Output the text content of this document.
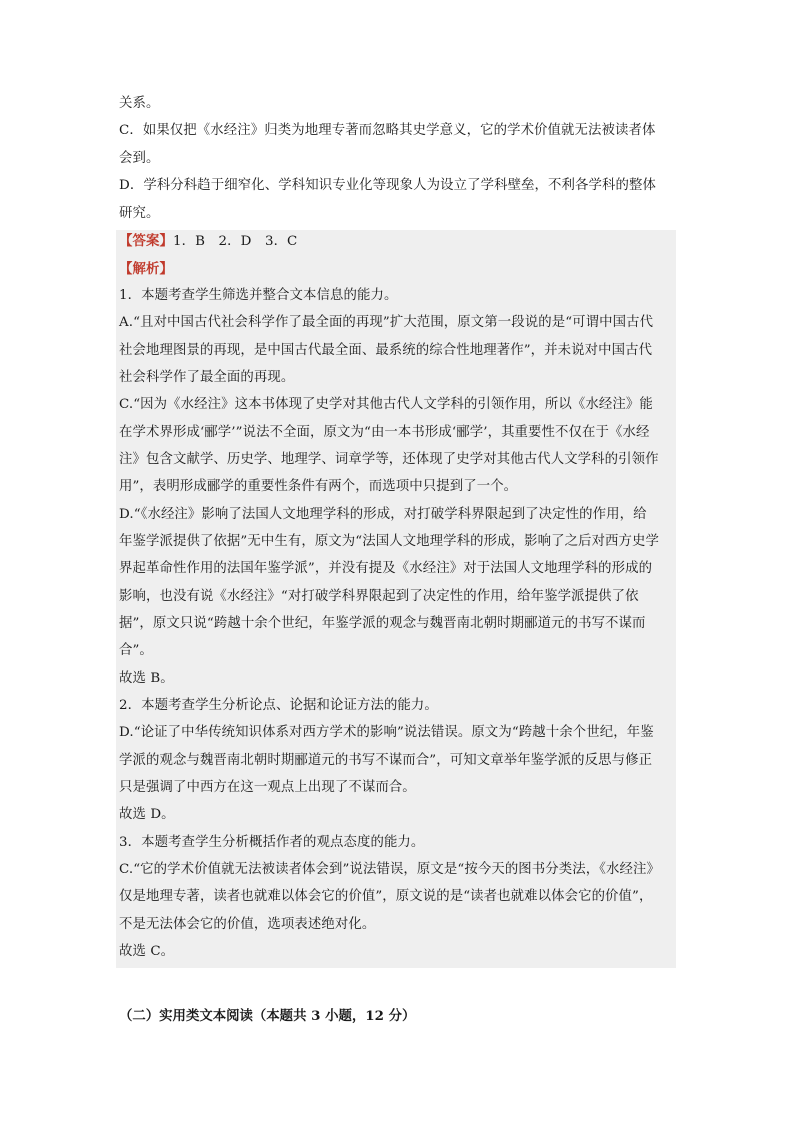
关系。
C．如果仅把《水经注》归类为地理专著而忽略其史学意义，它的学术价值就无法被读者体
会到。
D．学科分科趋于细窄化、学科知识专业化等现象人为设立了学科壁垒，不利各学科的整体
研究。
【答案】1．B　2．D　3．C
【解析】
1．本题考查学生筛选并整合文本信息的能力。
A.“且对中国古代社会科学作了最全面的再现”扩大范围，原文第一段说的是“可谓中国古代
社会地理图景的再现，是中国古代最全面、最系统的综合性地理著作”，并未说对中国古代
社会科学作了最全面的再现。
C.“因为《水经注》这本书体现了史学对其他古代人文学科的引领作用，所以《水经注》能
在学术界形成‘郦学’”说法不全面，原文为“由一本书形成‘郦学’，其重要性不仅在于《水经
注》包含文献学、历史学、地理学、词章学等，还体现了史学对其他古代人文学科的引领作
用”，表明形成郦学的重要性条件有两个，而选项中只提到了一个。
D.“《水经注》影响了法国人文地理学科的形成，对打破学科界限起到了决定性的作用，给
年鉴学派提供了依据”无中生有，原文为“法国人文地理学科的形成，影响了之后对西方史学
界起革命性作用的法国年鉴学派”，并没有提及《水经注》对于法国人文地理学科的形成的
影响，也没有说《水经注》“对打破学科界限起到了决定性的作用，给年鉴学派提供了依
据”，原文只说“跨越十余个世纪，年鉴学派的观念与魏晋南北朝时期郦道元的书写不谋而
合”。
故选 B。
2．本题考查学生分析论点、论据和论证方法的能力。
D.“论证了中华传统知识体系对西方学术的影响”说法错误。原文为“跨越十余个世纪，年鉴
学派的观念与魏晋南北朝时期郦道元的书写不谋而合”，可知文章举年鉴学派的反思与修正
只是强调了中西方在这一观点上出现了不谋而合。
故选 D。
3．本题考查学生分析概括作者的观点态度的能力。
C.“它的学术价值就无法被读者体会到”说法错误，原文是“按今天的图书分类法，《水经注》
仅是地理专著，读者也就难以体会它的价值”，原文说的是“读者也就难以体会它的价值”，
不是无法体会它的价值，选项表述绝对化。
故选 C。
（二）实用类文本阅读（本题共 3 小题，12 分）
